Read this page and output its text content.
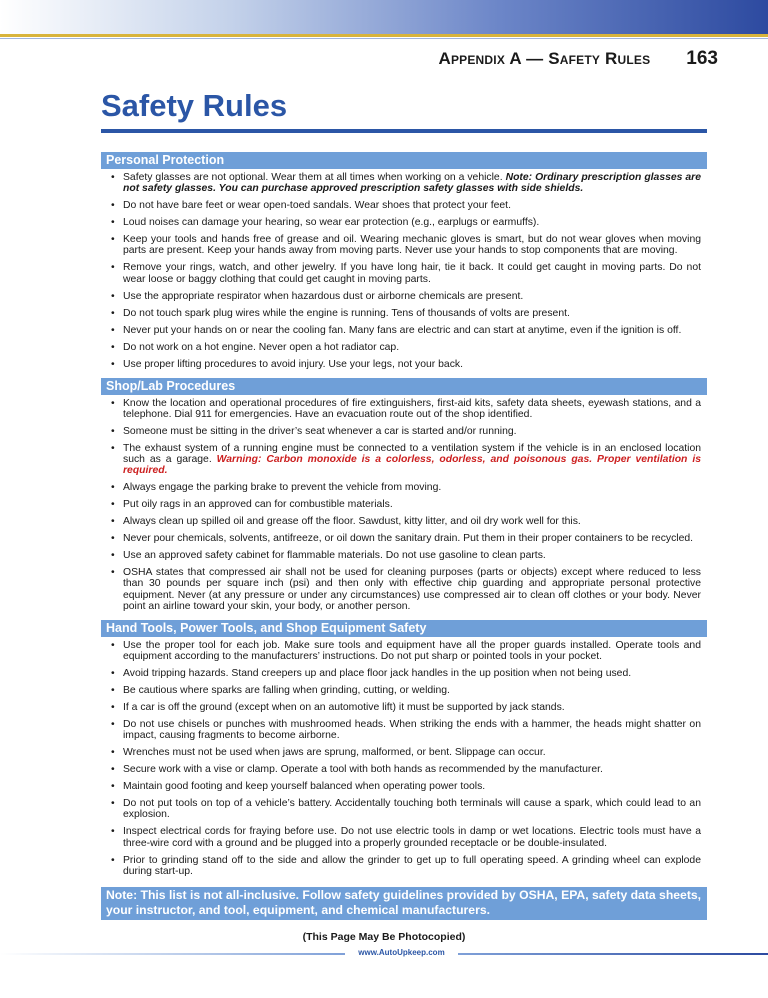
Appendix A — Safety Rules 163
Safety Rules
Personal Protection
• Safety glasses are not optional. Wear them at all times when working on a vehicle. Note: Ordinary prescription glasses are not safety glasses. You can purchase approved prescription safety glasses with side shields.
• Do not have bare feet or wear open-toed sandals. Wear shoes that protect your feet.
• Loud noises can damage your hearing, so wear ear protection (e.g., earplugs or earmuffs).
• Keep your tools and hands free of grease and oil. Wearing mechanic gloves is smart, but do not wear gloves when moving parts are present. Keep your hands away from moving parts. Never use your hands to stop components that are moving.
• Remove your rings, watch, and other jewelry. If you have long hair, tie it back. It could get caught in moving parts. Do not wear loose or baggy clothing that could get caught in moving parts.
• Use the appropriate respirator when hazardous dust or airborne chemicals are present.
• Do not touch spark plug wires while the engine is running. Tens of thousands of volts are present.
• Never put your hands on or near the cooling fan. Many fans are electric and can start at anytime, even if the ignition is off.
• Do not work on a hot engine. Never open a hot radiator cap.
• Use proper lifting procedures to avoid injury. Use your legs, not your back.
Shop/Lab Procedures
• Know the location and operational procedures of fire extinguishers, first-aid kits, safety data sheets, eyewash stations, and a telephone. Dial 911 for emergencies. Have an evacuation route out of the shop identified.
• Someone must be sitting in the driver’s seat whenever a car is started and/or running.
• The exhaust system of a running engine must be connected to a ventilation system if the vehicle is in an enclosed location such as a garage. Warning: Carbon monoxide is a colorless, odorless, and poisonous gas. Proper ventilation is required.
• Always engage the parking brake to prevent the vehicle from moving.
• Put oily rags in an approved can for combustible materials.
• Always clean up spilled oil and grease off the floor. Sawdust, kitty litter, and oil dry work well for this.
• Never pour chemicals, solvents, antifreeze, or oil down the sanitary drain. Put them in their proper containers to be recycled.
• Use an approved safety cabinet for flammable materials. Do not use gasoline to clean parts.
• OSHA states that compressed air shall not be used for cleaning purposes (parts or objects) except where reduced to less than 30 pounds per square inch (psi) and then only with effective chip guarding and appropriate personal protective equipment. Never (at any pressure or under any circumstances) use compressed air to clean off clothes or your body. Never point an airline toward your skin, your body, or another person.
Hand Tools, Power Tools, and Shop Equipment Safety
• Use the proper tool for each job. Make sure tools and equipment have all the proper guards installed. Operate tools and equipment according to the manufacturers’ instructions. Do not put sharp or pointed tools in your pocket.
• Avoid tripping hazards. Stand creepers up and place floor jack handles in the up position when not being used.
• Be cautious where sparks are falling when grinding, cutting, or welding.
• If a car is off the ground (except when on an automotive lift) it must be supported by jack stands.
• Do not use chisels or punches with mushroomed heads. When striking the ends with a hammer, the heads might shatter on impact, causing fragments to become airborne.
• Wrenches must not be used when jaws are sprung, malformed, or bent. Slippage can occur.
• Secure work with a vise or clamp. Operate a tool with both hands as recommended by the manufacturer.
• Maintain good footing and keep yourself balanced when operating power tools.
• Do not put tools on top of a vehicle’s battery. Accidentally touching both terminals will cause a spark, which could lead to an explosion.
• Inspect electrical cords for fraying before use. Do not use electric tools in damp or wet locations. Electric tools must have a three-wire cord with a ground and be plugged into a properly grounded receptacle or be double-insulated.
• Prior to grinding stand off to the side and allow the grinder to get up to full operating speed. A grinding wheel can explode during start-up.
Note: This list is not all-inclusive. Follow safety guidelines provided by OSHA, EPA, safety data sheets, your instructor, and tool, equipment, and chemical manufacturers.
(This Page May Be Photocopied)
www.AutoUpkeep.com
